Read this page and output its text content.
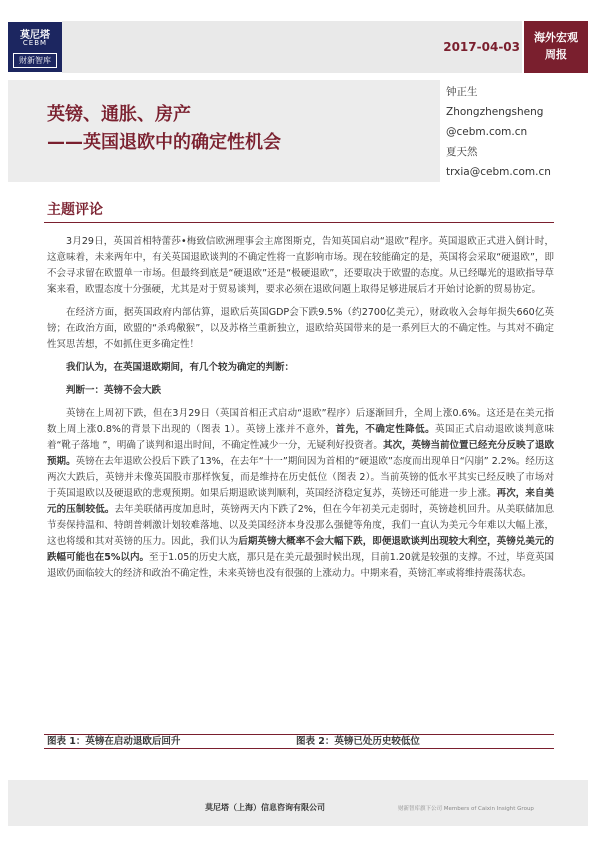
莫尼塔
CEBM
财新智库
2017-04-03
海外宏观
周报
英镑、通胀、房产
——英国退欧中的确定性机会
钟正生
Zhongzhengsheng
@cebm.com.cn
夏天然
trxia@cebm.com.cn
主题评论

3月29日，英国首相特蕾莎•梅致信欧洲理事会主席图斯克，告知英国启动“退欧”程序。英国退欧正式进入倒计时，这意味着，未来两年中，有关英国退欧谈判的不确定性将一直影响市场。现在较能确定的是，英国将会采取“硬退欧”，即不会寻求留在欧盟单一市场。但最终到底是“硬退欧”还是“极硬退欧”，还要取决于欧盟的态度。从已经曝光的退欧指导草案来看，欧盟态度十分强硬，尤其是对于贸易谈判，要求必须在退欧问题上取得足够进展后才开始讨论新的贸易协定。

在经济方面，据英国政府内部估算，退欧后英国GDP会下跌9.5%（约2700亿美元），财政收入会每年损失660亿英镑；在政治方面，欧盟的“杀鸡儆猴”，以及苏格兰重新独立，退欧给英国带来的是一系列巨大的不确定性。与其对不确定性冥思苦想，不如抓住更多确定性！

我们认为，在英国退欧期间，有几个较为确定的判断：

判断一：英镑不会大跌

英镑在上周初下跌，但在3月29日（英国首相正式启动“退欧”程序）后逐渐回升，全周上涨0.6%。这还是在美元指数上周上涨0.8%的背景下出现的（图表 1）。英镑上涨并不意外，首先，不确定性降低。英国正式启动退欧谈判意味着“靴子落地 ”，明确了谈判和退出时间，不确定性减少一分，无疑利好投资者。其次，英镑当前位置已经充分反映了退欧预期。英镑在去年退欧公投后下跌了13%，在去年“十一”期间因为首相的“硬退欧”态度而出现单日“闪崩” 2.2%。经历这两次大跌后，英镑并未像英国股市那样恢复，而是维持在历史低位（图表 2）。当前英镑的低水平其实已经反映了市场对于英国退欧以及硬退欧的悲观预期。如果后期退欧谈判顺利，英国经济稳定复苏，英镑还可能进一步上涨。再次，来自美元的压制较低。去年美联储再度加息时，英镑两天内下跌了2%，但在今年初美元走弱时，英镑趁机回升。从美联储加息节奏保持温和、特朗普刺激计划较难落地、以及美国经济本身没那么强健等角度，我们一直认为美元今年难以大幅上涨，这也将缓和其对英镑的压力。因此，我们认为后期英镑大概率不会大幅下跌，即便退欧谈判出现较大利空，英镑兑美元的跌幅可能也在5%以内。至于1.05的历史大底，那只是在美元最强时候出现，目前1.20就是较强的支撑。不过，毕竟英国退欧仍面临较大的经济和政治不确定性，未来英镑也没有很强的上涨动力。中期来看，英镑汇率或将维持震荡状态。

图表 1：英镑在启动退欧后回升	图表 2：英镑已处历史较低位
莫尼塔（上海）信息咨询有限公司	财新智库旗下公司 Members of Caixin Insight Group
